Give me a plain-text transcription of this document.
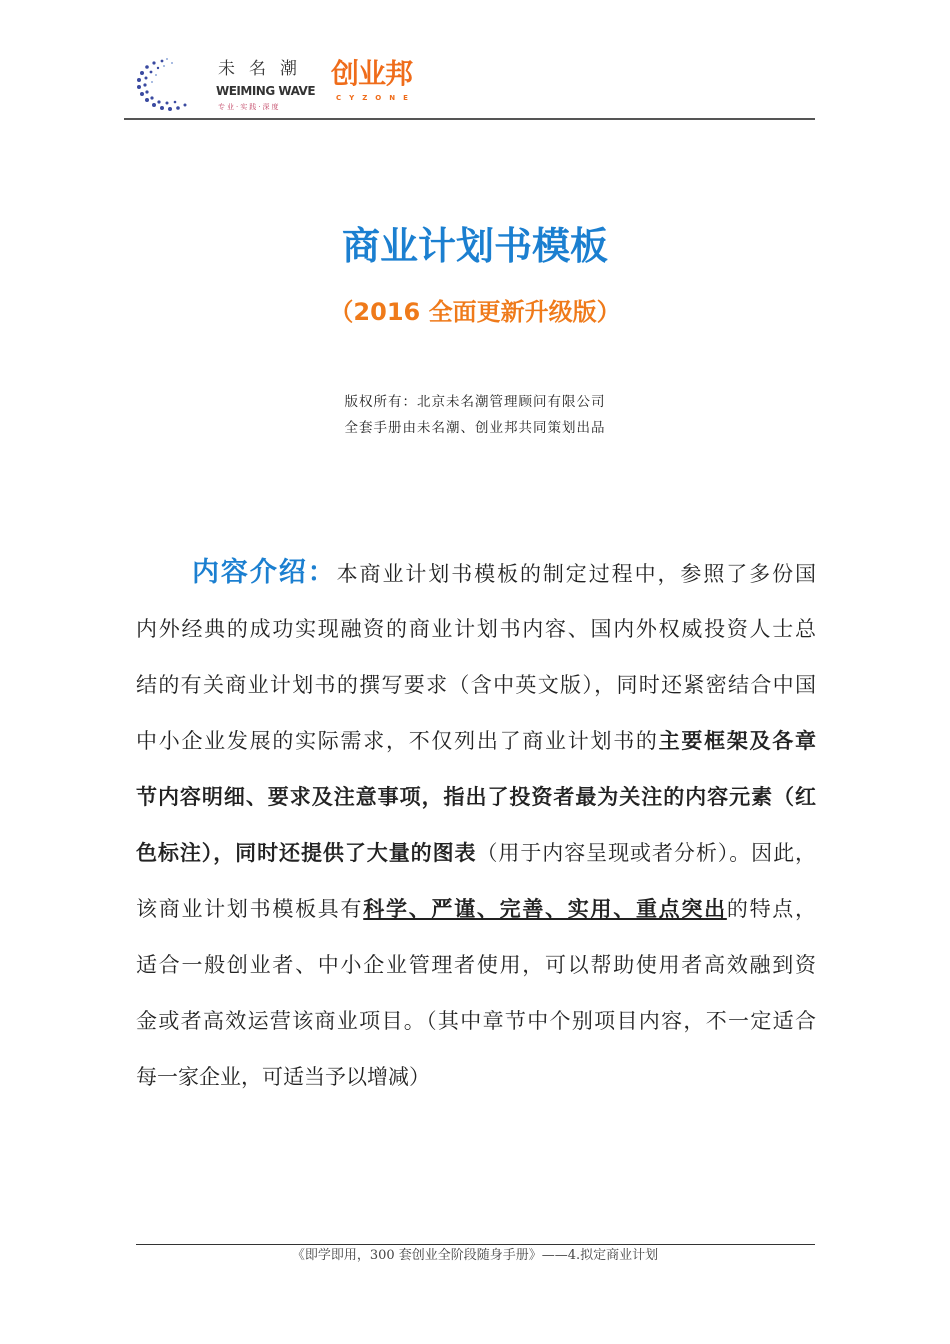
未名潮
WEIMING WAVE
专业·实践·深度
创业邦
CYZONE
商业计划书模板
（2016 全面更新升级版）
版权所有：北京未名潮管理顾问有限公司
全套手册由未名潮、创业邦共同策划出品
内容介绍：本商业计划书模板的制定过程中，参照了多份国
内外经典的成功实现融资的商业计划书内容、国内外权威投资人士总
结的有关商业计划书的撰写要求（含中英文版），同时还紧密结合中国
中小企业发展的实际需求，不仅列出了商业计划书的主要框架及各章
节内容明细、要求及注意事项，指出了投资者最为关注的内容元素（红
色标注），同时还提供了大量的图表（用于内容呈现或者分析）。因此，
该商业计划书模板具有科学、严谨、完善、实用、重点突出的特点，
适合一般创业者、中小企业管理者使用，可以帮助使用者高效融到资
金或者高效运营该商业项目。（其中章节中个别项目内容，不一定适合
每一家企业，可适当予以增减）
《即学即用，300 套创业全阶段随身手册》——4.拟定商业计划
